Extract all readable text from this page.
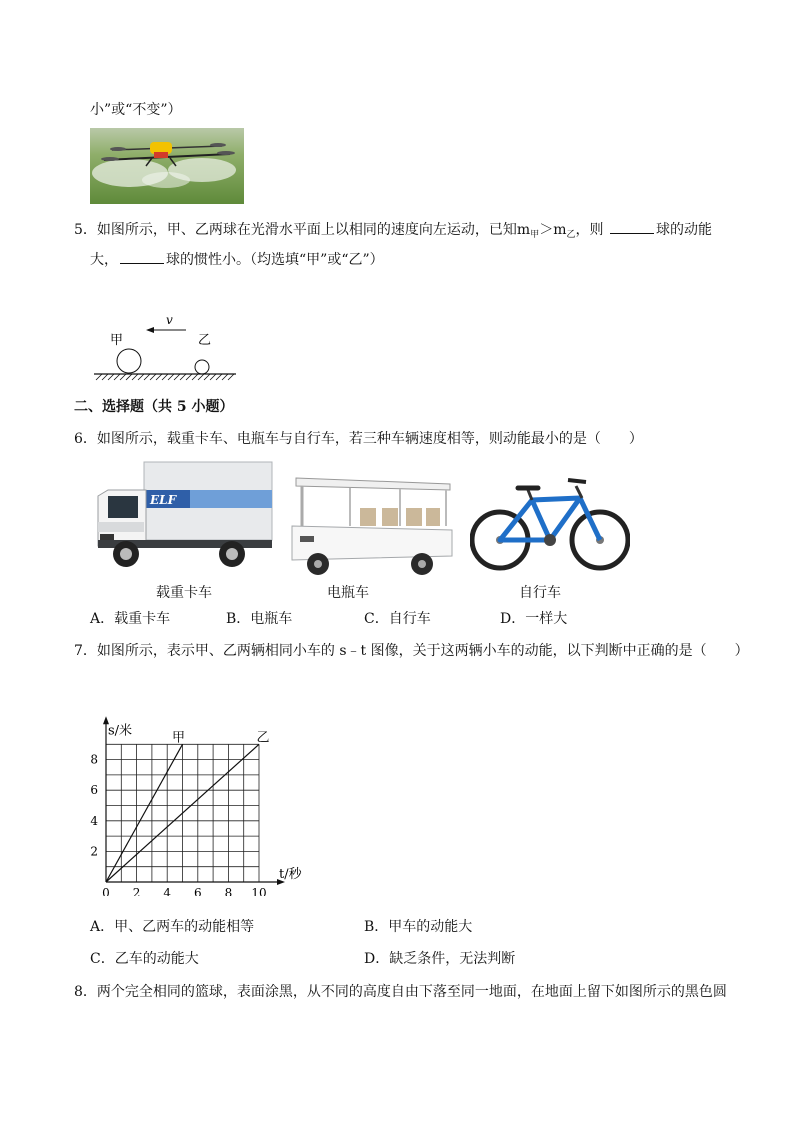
小”或“不变”）
5．如图所示，甲、乙两球在光滑水平面上以相同的速度向左运动，已知$m_甲>m_乙$，则	球的动能
大，	球的惯性小。（均选填“甲”或“乙”）
甲	乙
v
二、选择题（共 5 小题）
6．如图所示，载重卡车、电瓶车与自行车，若三种车辆速度相等，则动能最小的是（　　）
ELF
载重卡车	电瓶车	自行车
A．载重卡车	B．电瓶车	C．自行车	D．一样大
7．如图所示，表示甲、乙两辆相同小车的 s﹣t 图像，关于这两辆小车的动能，以下判断中正确的是（　　）
0 2 4 6 8 10
2
4
6
8
t/秒
s/米	甲	乙
A．甲、乙两车的动能相等	B．甲车的动能大
C．乙车的动能大	D．缺乏条件，无法判断
8．两个完全相同的篮球，表面涂黑，从不同的高度自由下落至同一地面，在地面上留下如图所示的黑色圆
